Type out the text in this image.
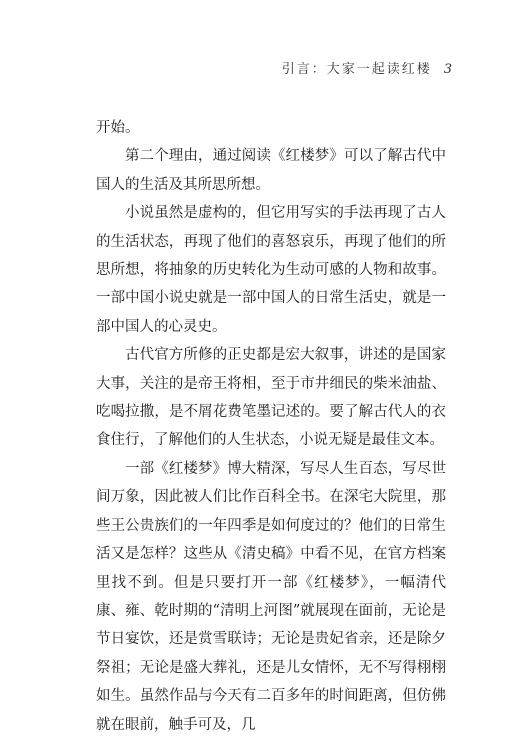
引言：大家一起读红楼 3

开始。

第二个理由，通过阅读《红楼梦》可以了解古代中国人的生活及其所思所想。

小说虽然是虚构的，但它用写实的手法再现了古人的生活状态，再现了他们的喜怒哀乐，再现了他们的所思所想，将抽象的历史转化为生动可感的人物和故事。一部中国小说史就是一部中国人的日常生活史，就是一部中国人的心灵史。

古代官方所修的正史都是宏大叙事，讲述的是国家大事，关注的是帝王将相，至于市井细民的柴米油盐、吃喝拉撒，是不屑花费笔墨记述的。要了解古代人的衣食住行，了解他们的人生状态，小说无疑是最佳文本。

一部《红楼梦》博大精深，写尽人生百态，写尽世间万象，因此被人们比作百科全书。在深宅大院里，那些王公贵族们的一年四季是如何度过的？他们的日常生活又是怎样？这些从《清史稿》中看不见，在官方档案里找不到。但是只要打开一部《红楼梦》，一幅清代康、雍、乾时期的“清明上河图”就展现在面前，无论是节日宴饮，还是赏雪联诗；无论是贵妃省亲，还是除夕祭祖；无论是盛大葬礼，还是儿女情怀，无不写得栩栩如生。虽然作品与今天有二百多年的时间距离，但仿佛就在眼前，触手可及，几
